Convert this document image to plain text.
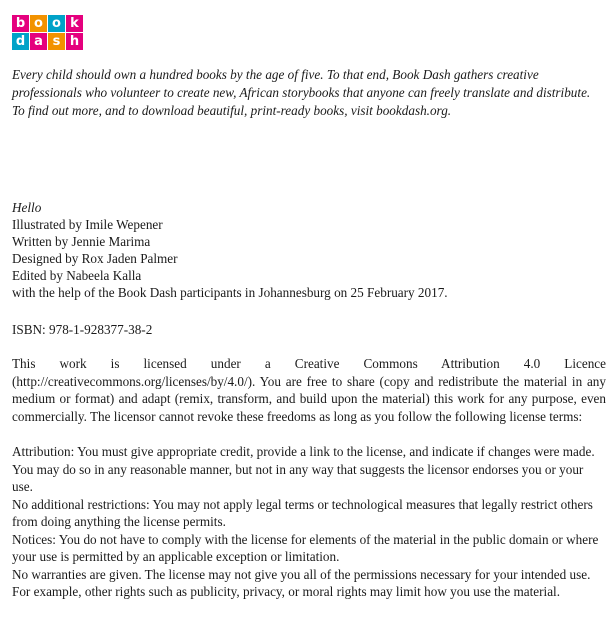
b o o k
d a s h
Every child should own a hundred books by the age of five. To that end, Book Dash gathers creative professionals who volunteer to create new, African storybooks that anyone can freely translate and distribute. To find out more, and to download beautiful, print-ready books, visit bookdash.org.
Hello
Illustrated by Imile Wepener
Written by Jennie Marima
Designed by Rox Jaden Palmer
Edited by Nabeela Kalla
with the help of the Book Dash participants in Johannesburg on 25 February 2017.
ISBN: 978-1-928377-38-2
This work is licensed under a Creative Commons Attribution 4.0 Licence (http://creativecommons.org/licenses/by/4.0/). You are free to share (copy and redistribute the material in any medium or format) and adapt (remix, transform, and build upon the material) this work for any purpose, even commercially. The licensor cannot revoke these freedoms as long as you follow the following license terms:

Attribution: You must give appropriate credit, provide a link to the license, and indicate if changes were made. You may do so in any reasonable manner, but not in any way that suggests the licensor endorses you or your use.

No additional restrictions: You may not apply legal terms or technological measures that legally restrict others from doing anything the license permits.

Notices: You do not have to comply with the license for elements of the material in the public domain or where your use is permitted by an applicable exception or limitation.

No warranties are given. The license may not give you all of the permissions necessary for your intended use. For example, other rights such as publicity, privacy, or moral rights may limit how you use the material.
